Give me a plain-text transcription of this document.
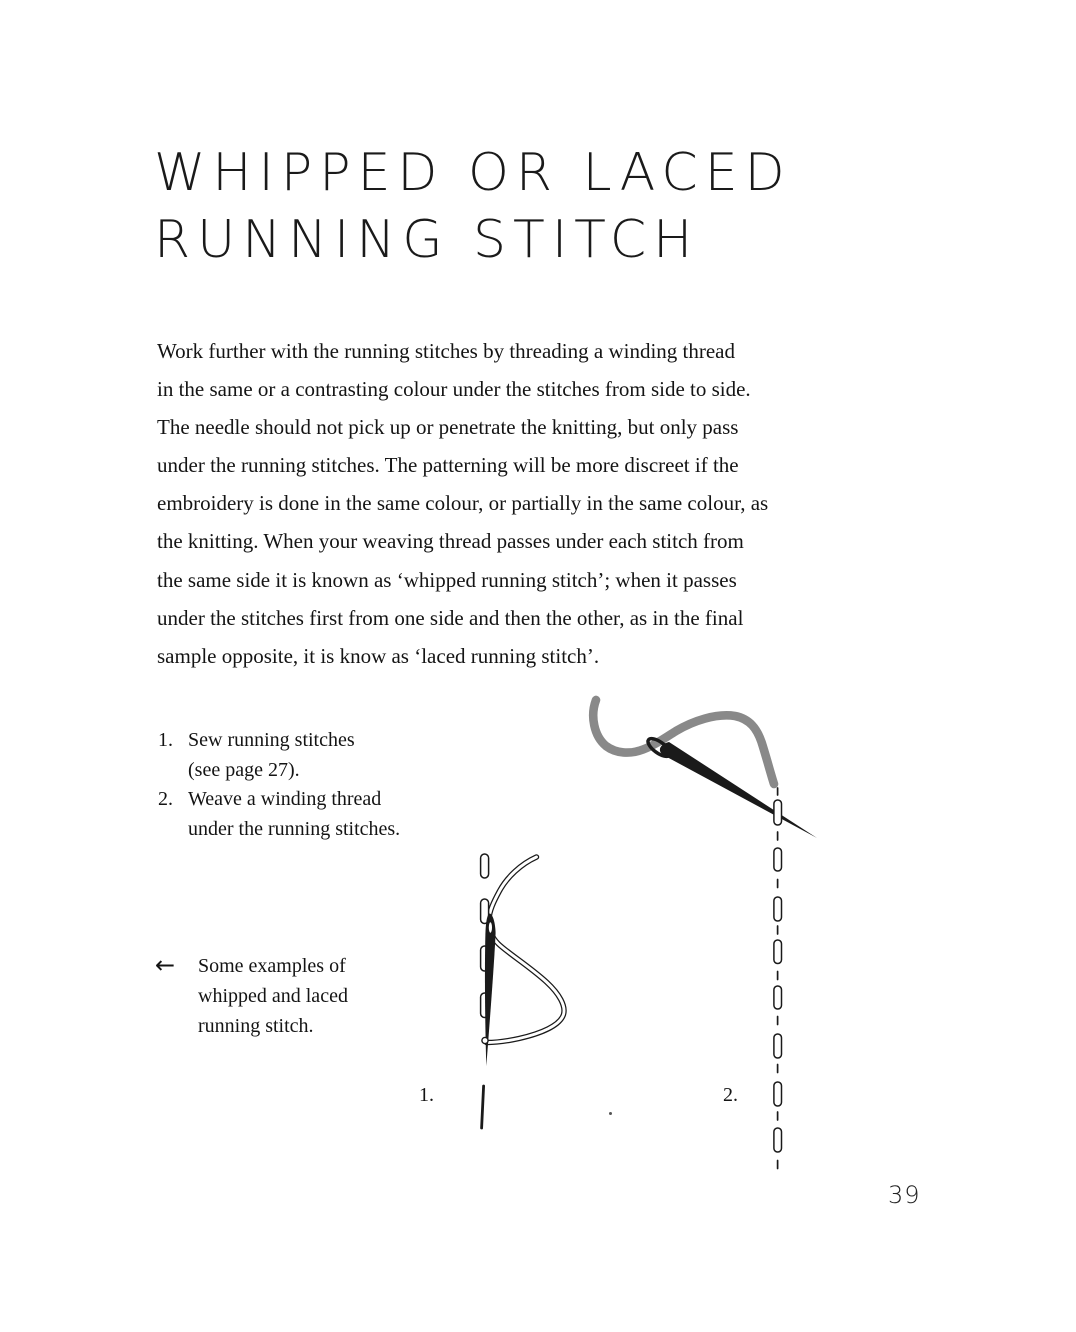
WHIPPED OR LACED
RUNNING STITCH
Work further with the running stitches by threading a winding thread
in the same or a contrasting colour under the stitches from side to side.
The needle should not pick up or penetrate the knitting, but only pass
under the running stitches. The patterning will be more discreet if the
embroidery is done in the same colour, or partially in the same colour, as
the knitting. When your weaving thread passes under each stitch from
the same side it is known as ‘whipped running stitch’; when it passes
under the stitches first from one side and then the other, as in the final
sample opposite, it is know as ‘laced running stitch’.
1. Sew running stitches
(see page 27).
2. Weave a winding thread
under the running stitches.
←	Some examples of
whipped and laced
running stitch.
1.	2.
39
